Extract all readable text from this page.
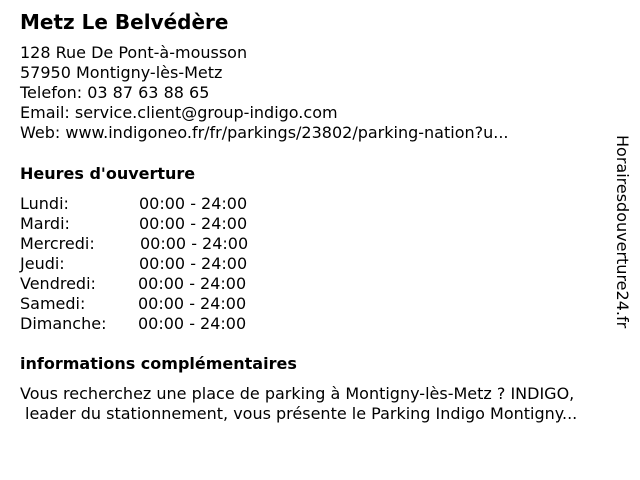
Metz Le Belvédère
128 Rue De Pont-à-mousson
57950 Montigny-lès-Metz
Telefon: 03 87 63 88 65
Email: service.client@group-indigo.com
Web: www.indigoneo.fr/fr/parkings/23802/parking-nation?u...
Heures d'ouverture
Lundi:	00:00 - 24:00
Mardi:	00:00 - 24:00
Mercredi:	00:00 - 24:00
Jeudi:	00:00 - 24:00
Vendredi:	00:00 - 24:00
Samedi:	00:00 - 24:00
Dimanche: 00:00 - 24:00
informations complémentaires
Vous recherchez une place de parking à Montigny-lès-Metz ? INDIGO,
leader du stationnement, vous présente le Parking Indigo Montigny...
Horairesdouverture24.fr
